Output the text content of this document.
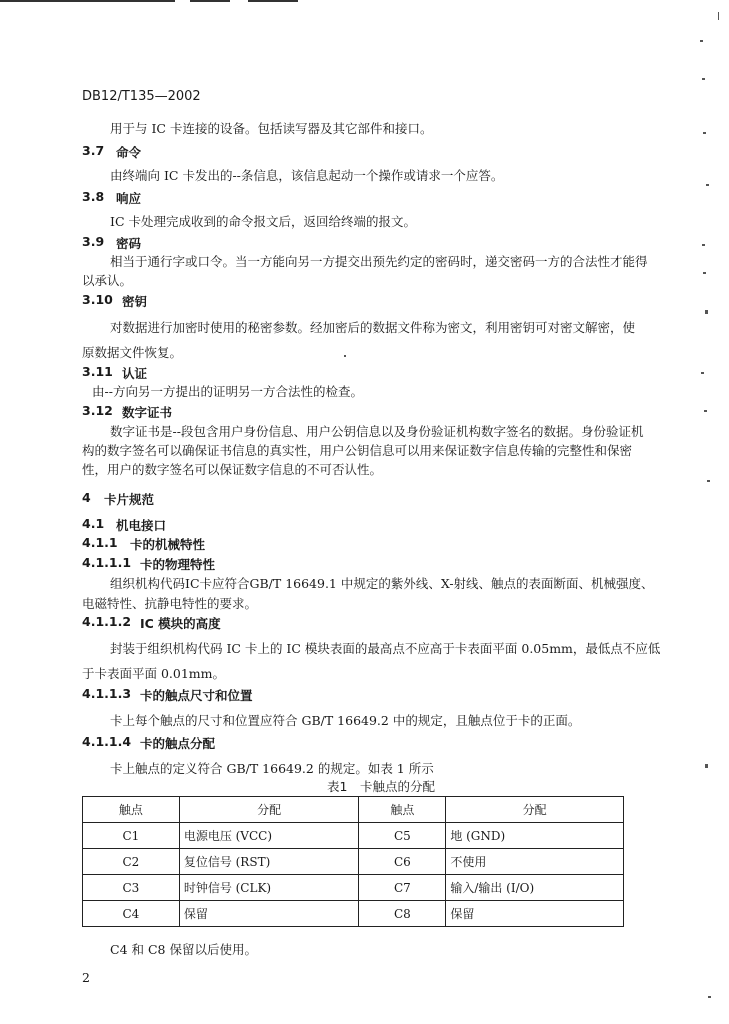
DB12/T135—2002
用于与 IC 卡连接的设备。包括读写器及其它部件和接口。
3.7 命令
由终端向 IC 卡发出的--条信息，该信息起动一个操作或请求一个应答。
3.8 响应
IC 卡处理完成收到的命令报文后，返回给终端的报文。
3.9 密码
相当于通行字或口令。当一方能向另一方提交出预先约定的密码时，递交密码一方的合法性才能得
以承认。
3.10 密钥
对数据进行加密时使用的秘密参数。经加密后的数据文件称为密文，利用密钥可对密文解密，使
原数据文件恢复。
3.11 认证
由--方向另一方提出的证明另一方合法性的检查。
3.12 数字证书
数字证书是--段包含用户身份信息、用户公钥信息以及身份验证机构数字签名的数据。身份验证机
构的数字签名可以确保证书信息的真实性，用户公钥信息可以用来保证数字信息传输的完整性和保密
性，用户的数字签名可以保证数字信息的不可否认性。
4 卡片规范
4.1 机电接口
4.1.1 卡的机械特性
4.1.1.1 卡的物理特性
组织机构代码IC卡应符合GB/T 16649.1 中规定的紫外线、X-射线、触点的表面断面、机械强度、
电磁特性、抗静电特性的要求。
4.1.1.2 IC 模块的高度
封装于组织机构代码 IC 卡上的 IC 模块表面的最高点不应高于卡表面平面 0.05mm，最低点不应低
于卡表面平面 0.01mm。
4.1.1.3 卡的触点尺寸和位置
卡上每个触点的尺寸和位置应符合 GB/T 16649.2 中的规定，且触点位于卡的正面。
4.1.1.4 卡的触点分配
卡上触点的定义符合 GB/T 16649.2 的规定。如表 1 所示
表1　卡触点的分配
触点	分配	触点	分配
C1	电源电压 (VCC)	C5	地 (GND)
C2	复位信号 (RST)	C6	不使用
C3	时钟信号 (CLK)	C7	输入/输出 (I/O)
C4	保留	C8	保留
C4 和 C8 保留以后使用。
2
